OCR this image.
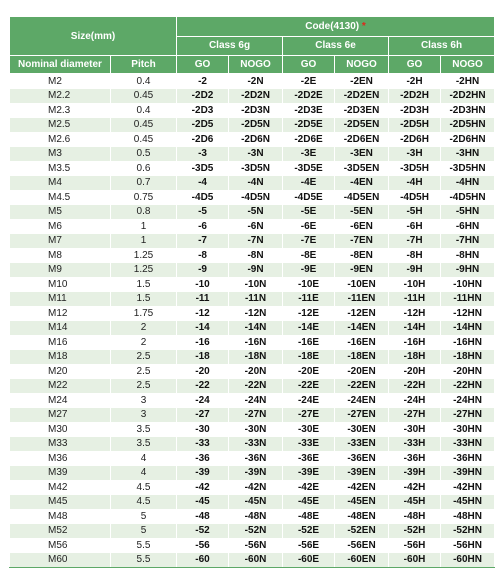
Size(mm)		Code(4130) *					
		Class 6g		Class 6e		Class 6h	
Nominal diameter	Pitch	GO	NOGO	GO	NOGO	GO	NOGO
M2	0.4	-2	-2N	-2E	-2EN	-2H	-2HN
M2.2	0.45	-2D2	-2D2N	-2D2E	-2D2EN	-2D2H	-2D2HN
M2.3	0.4	-2D3	-2D3N	-2D3E	-2D3EN	-2D3H	-2D3HN
M2.5	0.45	-2D5	-2D5N	-2D5E	-2D5EN	-2D5H	-2D5HN
M2.6	0.45	-2D6	-2D6N	-2D6E	-2D6EN	-2D6H	-2D6HN
M3	0.5	-3	-3N	-3E	-3EN	-3H	-3HN
M3.5	0.6	-3D5	-3D5N	-3D5E	-3D5EN	-3D5H	-3D5HN
M4	0.7	-4	-4N	-4E	-4EN	-4H	-4HN
M4.5	0.75	-4D5	-4D5N	-4D5E	-4D5EN	-4D5H	-4D5HN
M5	0.8	-5	-5N	-5E	-5EN	-5H	-5HN
M6	1	-6	-6N	-6E	-6EN	-6H	-6HN
M7	1	-7	-7N	-7E	-7EN	-7H	-7HN
M8	1.25	-8	-8N	-8E	-8EN	-8H	-8HN
M9	1.25	-9	-9N	-9E	-9EN	-9H	-9HN
M10	1.5	-10	-10N	-10E	-10EN	-10H	-10HN
M11	1.5	-11	-11N	-11E	-11EN	-11H	-11HN
M12	1.75	-12	-12N	-12E	-12EN	-12H	-12HN
M14	2	-14	-14N	-14E	-14EN	-14H	-14HN
M16	2	-16	-16N	-16E	-16EN	-16H	-16HN
M18	2.5	-18	-18N	-18E	-18EN	-18H	-18HN
M20	2.5	-20	-20N	-20E	-20EN	-20H	-20HN
M22	2.5	-22	-22N	-22E	-22EN	-22H	-22HN
M24	3	-24	-24N	-24E	-24EN	-24H	-24HN
M27	3	-27	-27N	-27E	-27EN	-27H	-27HN
M30	3.5	-30	-30N	-30E	-30EN	-30H	-30HN
M33	3.5	-33	-33N	-33E	-33EN	-33H	-33HN
M36	4	-36	-36N	-36E	-36EN	-36H	-36HN
M39	4	-39	-39N	-39E	-39EN	-39H	-39HN
M42	4.5	-42	-42N	-42E	-42EN	-42H	-42HN
M45	4.5	-45	-45N	-45E	-45EN	-45H	-45HN
M48	5	-48	-48N	-48E	-48EN	-48H	-48HN
M52	5	-52	-52N	-52E	-52EN	-52H	-52HN
M56	5.5	-56	-56N	-56E	-56EN	-56H	-56HN
M60	5.5	-60	-60N	-60E	-60EN	-60H	-60HN
